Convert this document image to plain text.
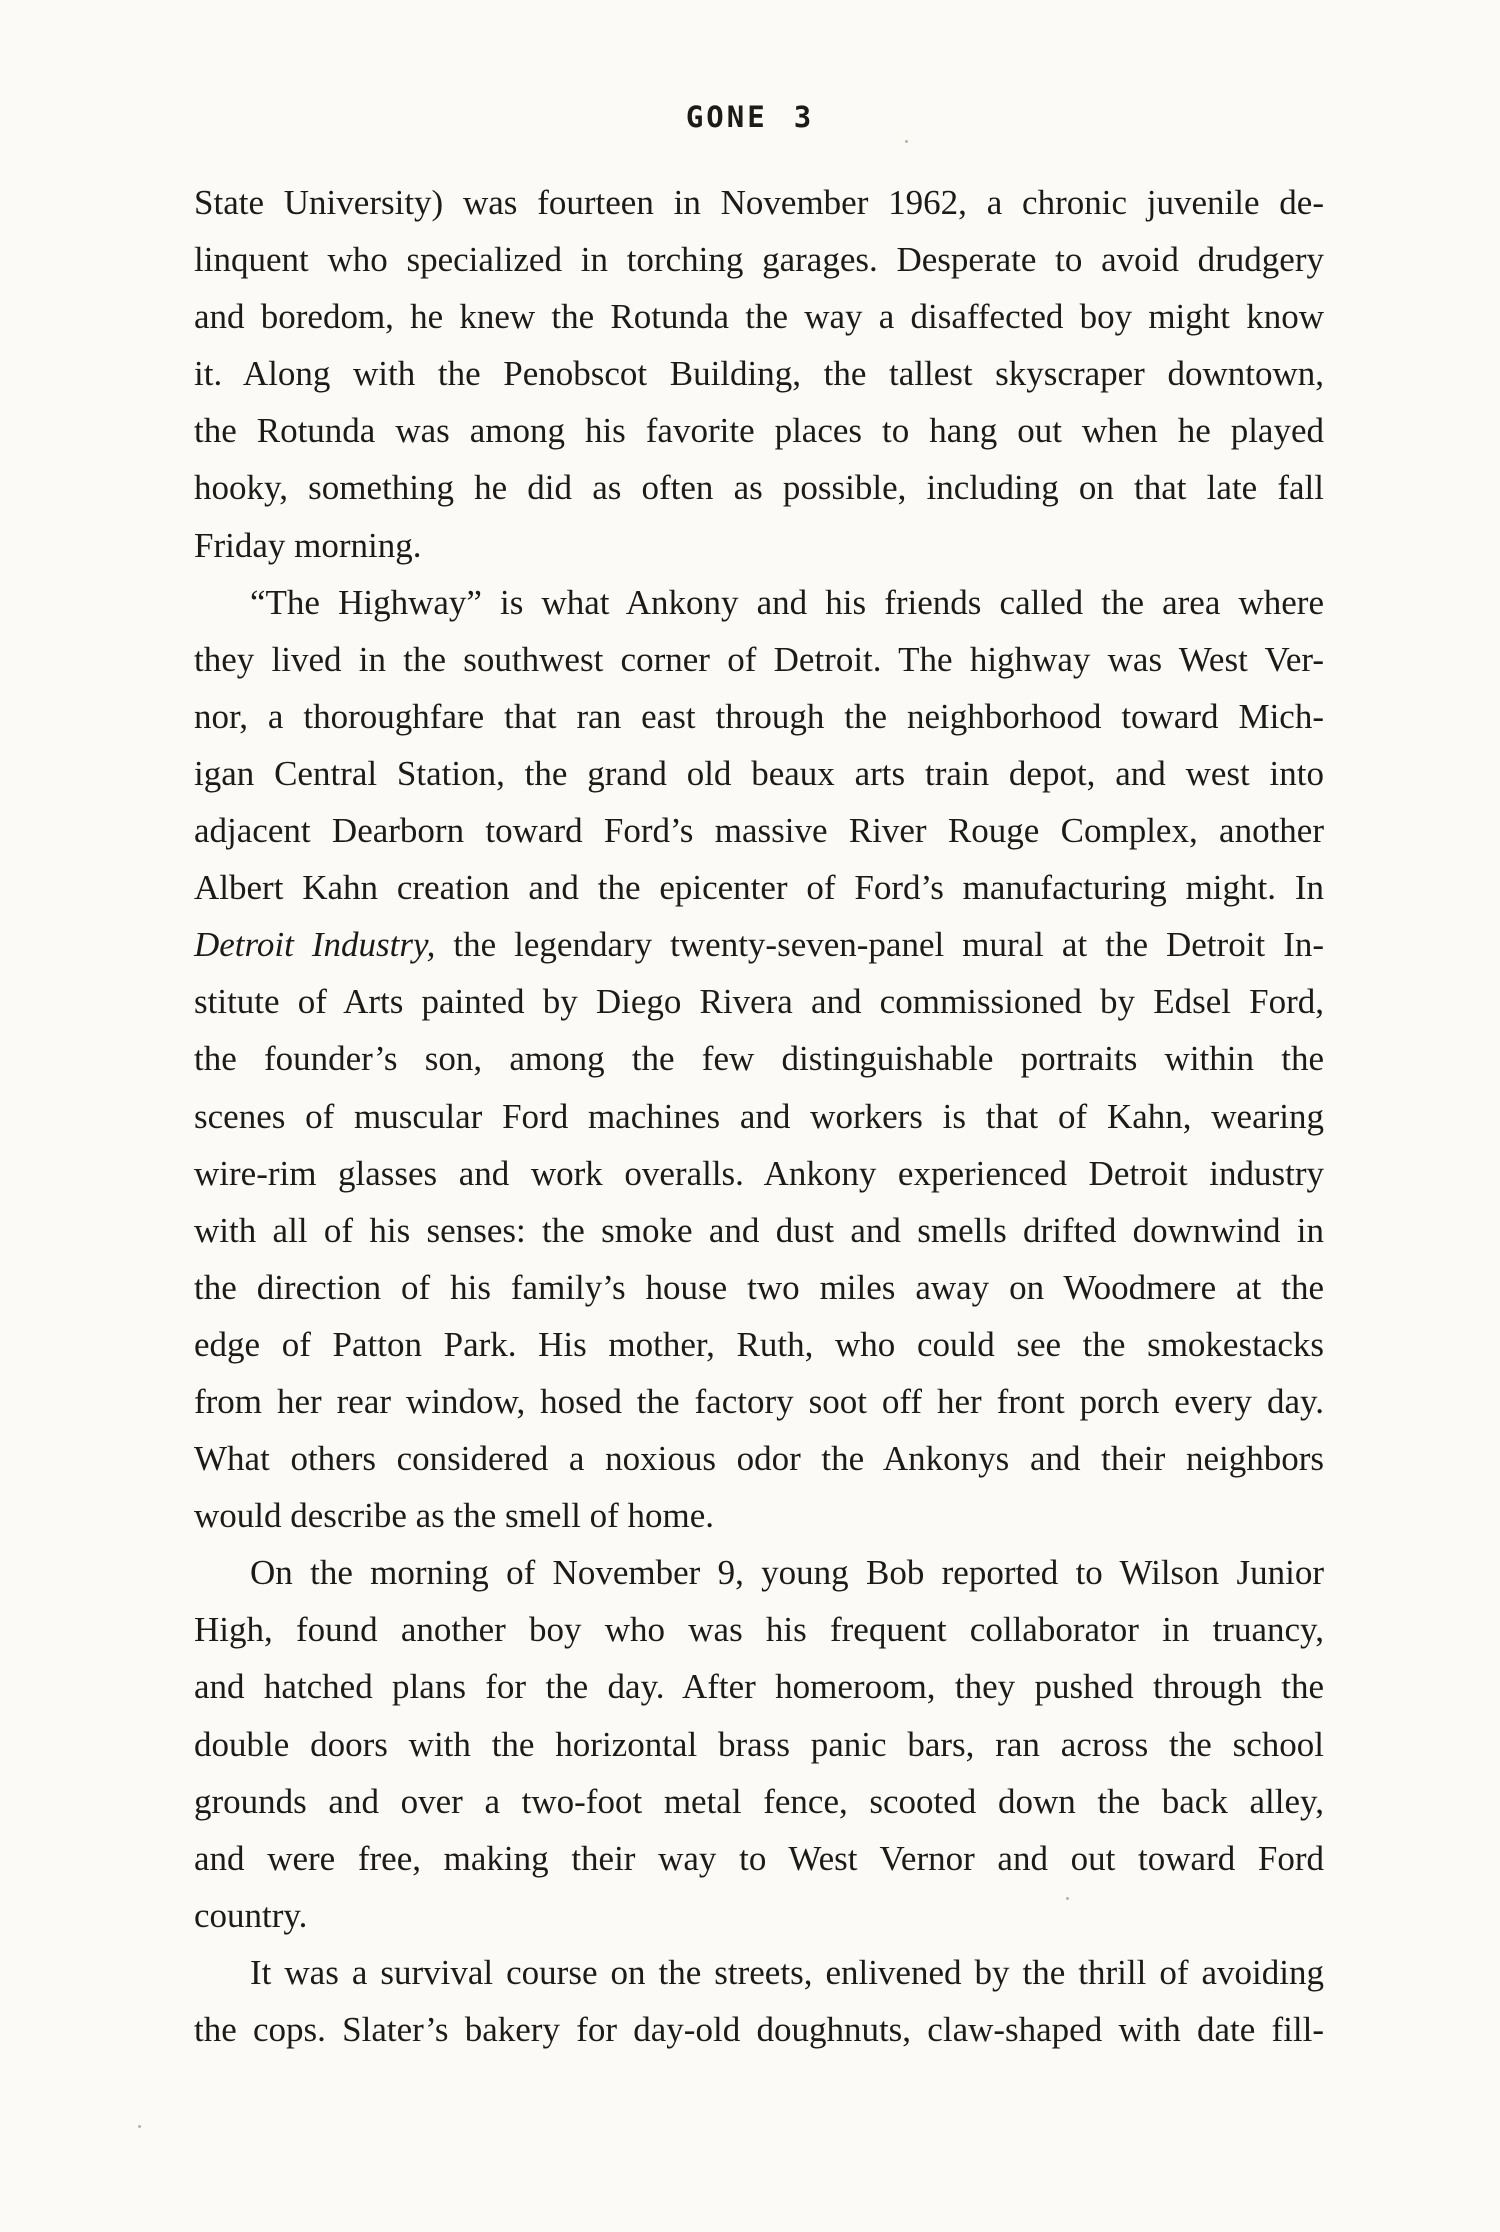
GONE 3

State University) was fourteen in November 1962, a chronic juvenile de-
linquent who specialized in torching garages. Desperate to avoid drudgery
and boredom, he knew the Rotunda the way a disaffected boy might know
it. Along with the Penobscot Building, the tallest skyscraper downtown,
the Rotunda was among his favorite places to hang out when he played
hooky, something he did as often as possible, including on that late fall
Friday morning.

“The Highway” is what Ankony and his friends called the area where
they lived in the southwest corner of Detroit. The highway was West Ver-
nor, a thoroughfare that ran east through the neighborhood toward Mich-
igan Central Station, the grand old beaux arts train depot, and west into
adjacent Dearborn toward Ford’s massive River Rouge Complex, another
Albert Kahn creation and the epicenter of Ford’s manufacturing might. In
Detroit Industry, the legendary twenty-seven-panel mural at the Detroit In-
stitute of Arts painted by Diego Rivera and commissioned by Edsel Ford,
the founder’s son, among the few distinguishable portraits within the
scenes of muscular Ford machines and workers is that of Kahn, wearing
wire-rim glasses and work overalls. Ankony experienced Detroit industry
with all of his senses: the smoke and dust and smells drifted downwind in
the direction of his family’s house two miles away on Woodmere at the
edge of Patton Park. His mother, Ruth, who could see the smokestacks
from her rear window, hosed the factory soot off her front porch every day.
What others considered a noxious odor the Ankonys and their neighbors
would describe as the smell of home.

On the morning of November 9, young Bob reported to Wilson Junior
High, found another boy who was his frequent collaborator in truancy,
and hatched plans for the day. After homeroom, they pushed through the
double doors with the horizontal brass panic bars, ran across the school
grounds and over a two-foot metal fence, scooted down the back alley,
and were free, making their way to West Vernor and out toward Ford
country.

It was a survival course on the streets, enlivened by the thrill of avoiding
the cops. Slater’s bakery for day-old doughnuts, claw-shaped with date fill-
